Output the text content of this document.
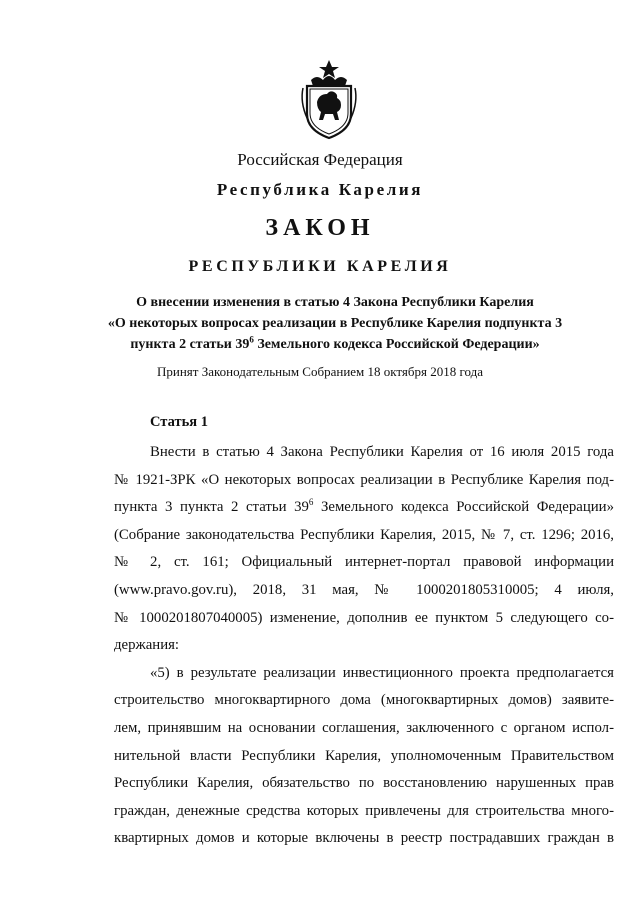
Российская Федерация
Республика Карелия
ЗАКОН
РЕСПУБЛИКИ КАРЕЛИЯ
О внесении изменения в статью 4 Закона Республики Карелия
«О некоторых вопросах реализации в Республике Карелия подпункта 3
пункта 2 статьи $39^6$ Земельного кодекса Российской Федерации»
Принят Законодательным Собранием 18 октября 2018 года
Статья 1
Внести в статью 4 Закона Республики Карелия от 16 июля 2015 года
№ 1921-ЗРК «О некоторых вопросах реализации в Республике Карелия под-
пункта 3 пункта 2 статьи $39^6$ Земельного кодекса Российской Федерации»
(Собрание законодательства Республики Карелия, 2015, № 7, ст. 1296; 2016,
№ 2, ст. 161; Официальный интернет-портал правовой информации
(www.pravo.gov.ru), 2018, 31 мая, № 1000201805310005; 4 июля,
№ 1000201807040005) изменение, дополнив ее пунктом 5 следующего со-
держания:
«5) в результате реализации инвестиционного проекта предполагается
строительство многоквартирного дома (многоквартирных домов) заявите-
лем, принявшим на основании соглашения, заключенного с органом испол-
нительной власти Республики Карелия, уполномоченным Правительством
Республики Карелия, обязательство по восстановлению нарушенных прав
граждан, денежные средства которых привлечены для строительства много-
квартирных домов и которые включены в реестр пострадавших граждан в
